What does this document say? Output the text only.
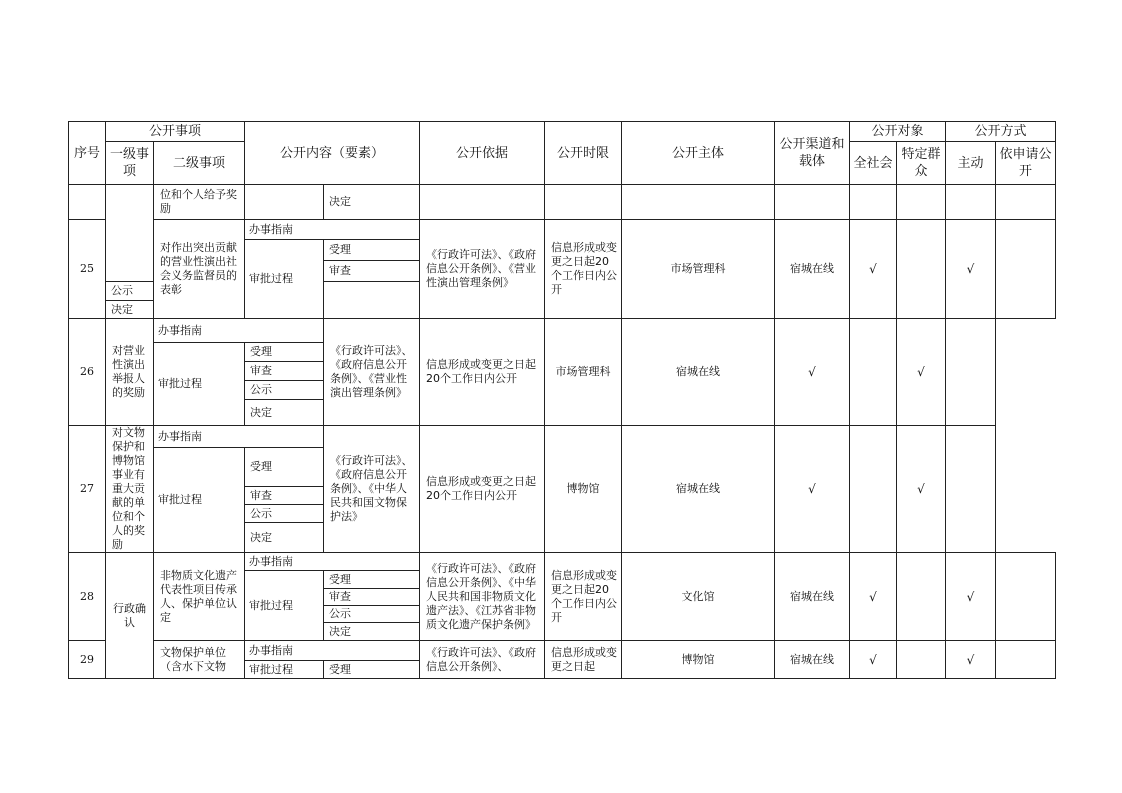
序号	公开事项		公开内容（要素）		公开依据	公开时限	公开主体	公开渠道和载体	公开对象		公开方式	
	一级事项	二级事项							全社会	特定群众	主动	依申请公开
		位和个人给予奖励		决定								
25		对作出突出贡献的营业性演出社会义务监督员的表彰	办事指南		《行政许可法》、《政府信息公开条例》、《营业性演出管理条例》	信息形成或变更之日起20个工作日内公开	市场管理科	宿城在线	√		√	
			审批过程	受理								
				审查								
	公示											
	决定											
26	对营业性演出举报人的奖励	办事指南		《行政许可法》、《政府信息公开条例》、《营业性演出管理条例》	信息形成或变更之日起20个工作日内公开	市场管理科	宿城在线	√		√		
		审批过程	受理									
			审查									
			公示									
			决定									
27	对文物保护和博物馆事业有重大贡献的单位和个人的奖励	办事指南		《行政许可法》、《政府信息公开条例》、《中华人民共和国文物保护法》	信息形成或变更之日起20个工作日内公开	博物馆	宿城在线	√		√		
		审批过程	受理									
			审查									
			公示									
			决定									
28	行政确认	非物质文化遗产代表性项目传承人、保护单位认定	办事指南		《行政许可法》、《政府信息公开条例》、《中华人民共和国非物质文化遗产法》、《江苏省非物质文化遗产保护条例》	信息形成或变更之日起20个工作日内公开	文化馆	宿城在线	√		√	
			审批过程	受理								
				审查								
				公示								
				决定								
29		文物保护单位（含水下文物	办事指南		《行政许可法》、《政府信息公开条例》、	信息形成或变更之日起	博物馆	宿城在线	√		√	
			审批过程	受理								
